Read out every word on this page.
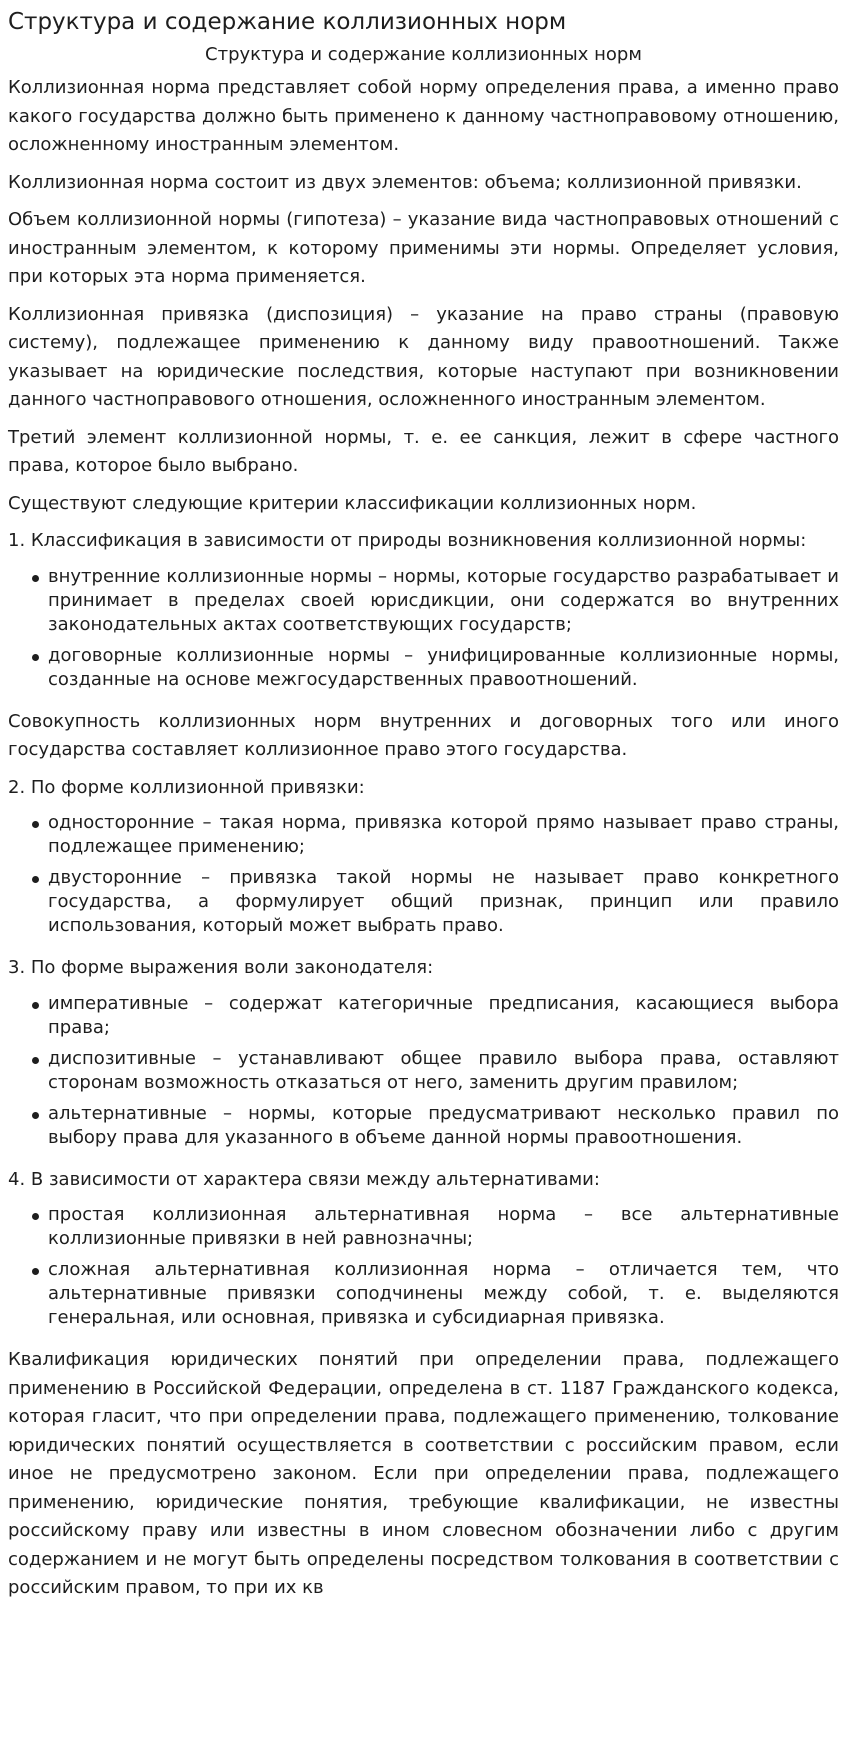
Структура и содержание коллизионных норм
Структура и содержание коллизионных норм

Коллизионная норма представляет собой норму определения права, а именно право какого государства должно быть применено к данному частноправовому отношению, осложненному иностранным элементом.

Коллизионная норма состоит из двух элементов: объема; коллизионной привязки.

Объем коллизионной нормы (гипотеза) – указание вида частноправовых отношений с иностранным элементом, к которому применимы эти нормы. Определяет условия, при которых эта норма применяется.

Коллизионная привязка (диспозиция) – указание на право страны (правовую систему), подлежащее применению к данному виду правоотношений. Также указывает на юридические последствия, которые наступают при возникновении данного частноправового отношения, осложненного иностранным элементом.

Третий элемент коллизионной нормы, т. е. ее санкция, лежит в сфере частного права, которое было выбрано.

Существуют следующие критерии классификации коллизионных норм.

1. Классификация в зависимости от природы возникновения коллизионной нормы:

внутренние коллизионные нормы – нормы, которые государство разрабатывает и принимает в пределах своей юрисдикции, они содержатся во внутренних законодательных актах соответствующих государств;
договорные коллизионные нормы – унифицированные коллизионные нормы, созданные на основе межгосударственных правоотношений.

Совокупность коллизионных норм внутренних и договорных того или иного государства составляет коллизионное право этого государства.

2. По форме коллизионной привязки:

односторонние – такая норма, привязка которой прямо называет право страны, подлежащее применению;
двусторонние – привязка такой нормы не называет право конкретного государства, а формулирует общий признак, принцип или правило использования, который может выбрать право.

3. По форме выражения воли законодателя:

императивные – содержат категоричные предписания, касающиеся выбора права;
диспозитивные – устанавливают общее правило выбора права, оставляют сторонам возможность отказаться от него, заменить другим правилом;
альтернативные – нормы, которые предусматривают несколько правил по выбору права для указанного в объеме данной нормы правоотношения.

4. В зависимости от характера связи между альтернативами:

простая коллизионная альтернативная норма – все альтернативные коллизионные привязки в ней равнозначны;
сложная альтернативная коллизионная норма – отличается тем, что альтернативные привязки соподчинены между собой, т. е. выделяются генеральная, или основная, привязка и субсидиарная привязка.

Квалификация юридических понятий при определении права, подлежащего применению в Российской Федерации, определена в ст. 1187 Гражданского кодекса, которая гласит, что при определении права, подлежащего применению, толкование юридических понятий осуществляется в соответствии с российским правом, если иное не предусмотрено законом. Если при определении права, подлежащего применению, юридические понятия, требующие квалификации, не известны российскому праву или известны в ином словесном обозначении либо с другим содержанием и не могут быть определены посредством толкования в соответствии с российским правом, то при их кв
